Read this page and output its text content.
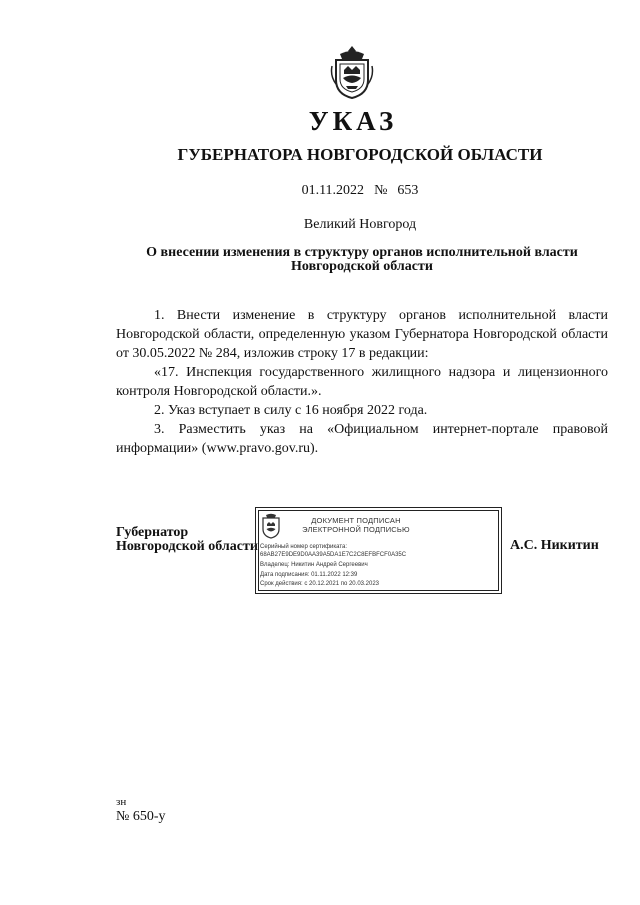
УКАЗ
ГУБЕРНАТОРА НОВГОРОДСКОЙ ОБЛАСТИ
01.11.2022 № 653
Великий Новгород
О внесении изменения в структуру органов исполнительной власти
Новгородской области

1. Внести изменение в структуру органов исполнительной власти Новгородской области, определенную указом Губернатора Новгородской области от 30.05.2022 № 284, изложив строку 17 в редакции:

«17. Инспекция государственного жилищного надзора и лицензионного контроля Новгородской области.».

2. Указ вступает в силу с 16 ноября 2022 года.

3. Разместить указ на «Официальном интернет-портале правовой информации» (www.pravo.gov.ru).

Губернатор
Новгородской области
ДОКУМЕНТ ПОДПИСАН
ЭЛЕКТРОННОЙ ПОДПИСЬЮ
Серийный номер сертификата:
68AB27E9DE9D0AA39A5DA1E7C2C8EFBFCF0A35C
Владелец: Никитин Андрей Сергеевич
Дата подписания: 01.11.2022 12:39
Срок действия: с 20.12.2021 по 20.03.2023
А.С. Никитин
зн
№ 650-у
